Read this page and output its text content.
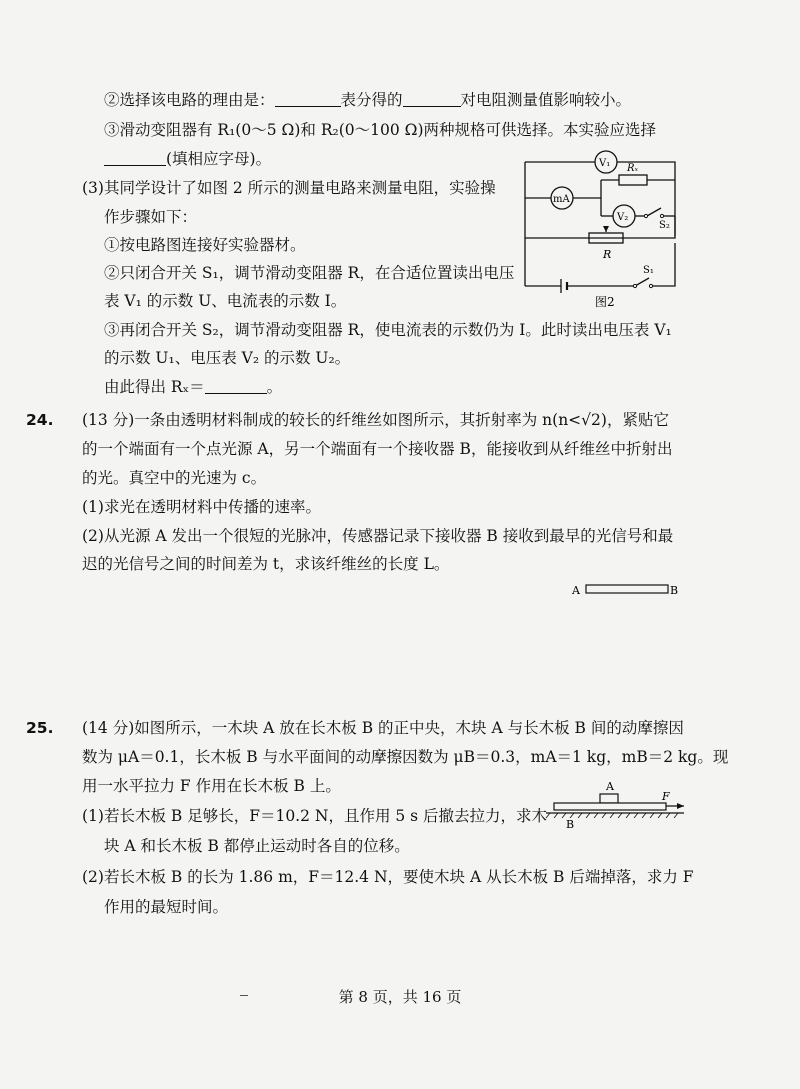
②选择该电路的理由是：	表分得的	对电阻测量值影响较小。
③滑动变阻器有 R₁(0～5 Ω)和 R₂(0～100 Ω)两种规格可供选择。本实验应选择
(填相应字母)。
(3)其同学设计了如图 2 所示的测量电路来测量电阻，实验操
作步骤如下：
①按电路图连接好实验器材。
②只闭合开关 S₁，调节滑动变阻器 R，在合适位置读出电压
表 V₁ 的示数 U、电流表的示数 I。
③再闭合开关 S₂，调节滑动变阻器 R，使电流表的示数仍为 I。此时读出电压表 V₁
的示数 U₁、电压表 V₂ 的示数 U₂。
由此得出 Rₓ＝	。
V₁
mA
V₂
Rₓ
S₂
R
S₁
图2
24. (13 分)一条由透明材料制成的较长的纤维丝如图所示，其折射率为 n(n<√2)，紧贴它
的一个端面有一个点光源 A，另一个端面有一个接收器 B，能接收到从纤维丝中折射出
的光。真空中的光速为 c。
(1)求光在透明材料中传播的速率。
(2)从光源 A 发出一个很短的光脉冲，传感器记录下接收器 B 接收到最早的光信号和最
迟的光信号之间的时间差为 t，求该纤维丝的长度 L。
A	B
25. (14 分)如图所示，一木块 A 放在长木板 B 的正中央，木块 A 与长木板 B 间的动摩擦因
数为 μA＝0.1，长木板 B 与水平面间的动摩擦因数为 μB＝0.3，mA＝1 kg，mB＝2 kg。现
用一水平拉力 F 作用在长木板 B 上。
(1)若长木板 B 足够长，F＝10.2 N，且作用 5 s 后撤去拉力，求木
块 A 和长木板 B 都停止运动时各自的位移。
(2)若长木板 B 的长为 1.86 m，F＝12.4 N，要使木块 A 从长木板 B 后端掉落，求力 F
作用的最短时间。
A
F
B
第 8 页，共 16 页
